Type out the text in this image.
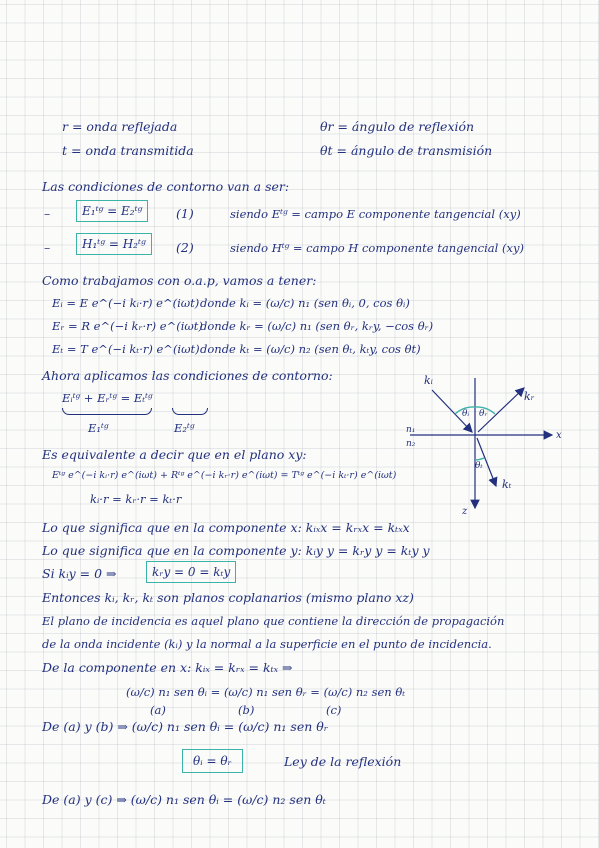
r = onda reflejada	θr = ángulo de reflexión
t = onda transmitida	θt = ángulo de transmisión
Las condiciones de contorno van a ser:
–	E₁ᵗᵍ = E₂ᵗᵍ	(1)	siendo Eᵗᵍ = campo E componente tangencial (xy)
–	H₁ᵗᵍ = H₂ᵗᵍ	(2)	siendo Hᵗᵍ = campo H componente tangencial (xy)
Como trabajamos con o.a.p, vamos a tener:
Eᵢ = E e^(−i kᵢ·r) e^(iωt) donde kᵢ = (ω/c) n₁ (sen θᵢ, 0, cos θᵢ)
Eᵣ = R e^(−i kᵣ·r) e^(iωt)
donde kᵣ = (ω/c) n₁ (sen θᵣ, kᵣy, −cos θᵣ)
Eₜ = T e^(−i kₜ·r) e^(iωt) donde kₜ = (ω/c) n₂ (sen θₜ, kₜy, cos θt)
Ahora aplicamos las condiciones de contorno:
Eᵢᵗᵍ + Eᵣᵗᵍ = Eₜᵗᵍ
E₁ᵗᵍ	E₂ᵗᵍ
Es equivalente a decir que en el plano xy:
Eᵗᵍ e^(−i kᵢ·r) e^(iωt) + Rᵗᵍ e^(−i kᵣ·r) e^(iωt) = Tᵗᵍ e^(−i kₜ·r) e^(iωt)
kᵢ·r = kᵣ·r = kₜ·r
kᵢ
kᵣ
kₜ
θᵢ θᵣ
θₜ
n₁
n₂
x
z
Lo que significa que en la componente x: kᵢₓx = kᵣₓx = kₜₓx
Lo que significa que en la componente y: kᵢy y = kᵣy y = kₜy y
Si kᵢy = 0 ⇒	kᵣy = 0 = kₜy
Entonces kᵢ, kᵣ, kₜ son planos coplanarios (mismo plano xz)
El plano de incidencia es aquel plano que contiene la dirección de propagación
de la onda incidente (kᵢ) y la normal a la superficie en el punto de incidencia.
De la componente en x: kᵢₓ = kᵣₓ = kₜₓ ⇒
(ω/c) n₁ sen θᵢ = (ω/c) n₁ sen θᵣ = (ω/c) n₂ sen θₜ
(a)	(b)	(c)
De (a) y (b) ⇒ (ω/c) n₁ sen θᵢ = (ω/c) n₁ sen θᵣ
θᵢ = θᵣ	Ley de la reflexión
De (a) y (c) ⇒ (ω/c) n₁ sen θᵢ = (ω/c) n₂ sen θₜ
